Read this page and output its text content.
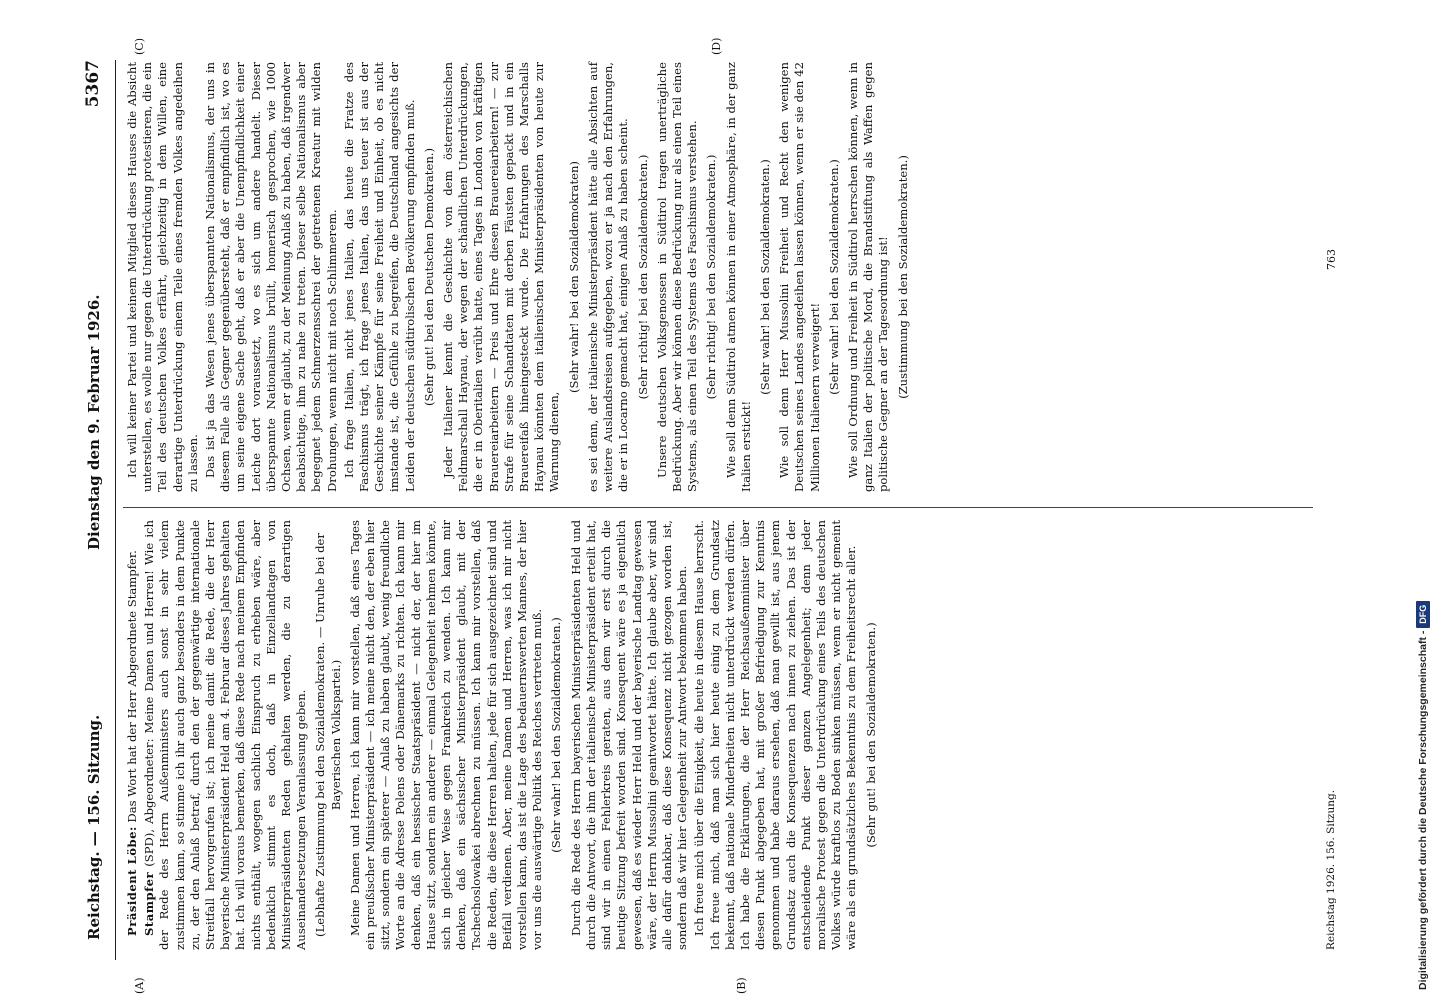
Reichstag. — 156. Sitzung.
Dienstag den 9. Februar 1926.
5367
(A)	(B)
(C)	(D)

Präsident Löbe: Das Wort hat der Herr Abgeordnete Stampfer.

Stampfer (SPD), Abgeordneter: Meine Damen und Herren! Wie ich der Rede des Herrn Außenministers auch sonst in sehr vielem zustimmen kann, so stimme ich ihr auch ganz besonders in dem Punkte zu, der den Anlaß betraf, durch den der gegenwärtige internationale Streitfall hervorgerufen ist; ich meine damit die Rede, die der Herr bayerische Ministerpräsident Held am 4. Februar dieses Jahres gehalten hat. Ich will voraus bemerken, daß diese Rede nach meinem Empfinden nichts enthält, wogegen sachlich Einspruch zu erheben wäre, aber bedenklich stimmt es doch, daß in Einzellandtagen von Ministerpräsidenten Reden gehalten werden, die zu derartigen Auseinandersetzungen Veranlassung geben. (Lebhafte Zustimmung bei den Sozialdemokraten. — Unruhe bei der Bayerischen Volkspartei.) Meine Damen und Herren, ich kann mir vorstellen, daß eines Tages ein preußischer Ministerpräsident — ich meine nicht den, der eben hier sitzt, sondern ein späterer — Anlaß zu haben glaubt, wenig freundliche Worte an die Adresse Polens oder Dänemarks zu richten. Ich kann mir denken, daß ein hessischer Staatspräsident — nicht der, der hier im Hause sitzt, sondern ein anderer — einmal Gelegenheit nehmen könnte, sich in gleicher Weise gegen Frankreich zu wenden. Ich kann mir denken, daß ein sächsischer Ministerpräsident glaubt, mit der Tschechoslowakei abrechnen zu müssen. Ich kann mir vorstellen, daß die Reden, die diese Herren halten, jede für sich ausgezeichnet sind und Beifall verdienen. Aber, meine Damen und Herren, was ich mir nicht vorstellen kann, das ist die Lage des bedauernswerten Mannes, der hier vor uns die auswärtige Politik des Reiches vertreten muß. (Sehr wahr! bei den Sozialdemokraten.) Durch die Rede des Herrn bayerischen Ministerpräsidenten Held und durch die Antwort, die ihm der italienische Ministerpräsident erteilt hat, sind wir in einen Fehlerkreis geraten, aus dem wir erst durch die heutige Sitzung befreit worden sind. Konsequent wäre es ja eigentlich gewesen, daß es wieder Herr Held und der bayerische Landtag gewesen wäre, der Herrn Mussolini geantwortet hätte. Ich glaube aber, wir sind alle dafür dankbar, daß diese Konsequenz nicht gezogen worden ist, sondern daß wir hier Gelegenheit zur Antwort bekommen haben. Ich freue mich über die Einigkeit, die heute in diesem Hause herrscht. Ich freue mich, daß man sich hier heute einig zu dem Grundsatz bekennt, daß nationale Minderheiten nicht unterdrückt werden dürfen. Ich habe die Erklärungen, die der Herr Reichsaußenminister über diesen Punkt abgegeben hat, mit großer Befriedigung zur Kenntnis genommen und habe daraus ersehen, daß man gewillt ist, aus jenem Grundsatz auch die Konsequenzen nach innen zu ziehen. Das ist der entscheidende Punkt dieser ganzen Angelegenheit; denn jeder moralische Protest gegen die Unterdrückung eines Teils des deutschen Volkes würde kraftlos zu Boden sinken müssen, wenn er nicht gemeint wäre als ein grundsätzliches Bekenntnis zu dem Freiheitsrecht aller. (Sehr gut! bei den Sozialdemokraten.)

Ich will keiner Partei und keinem Mitglied dieses Hauses die Absicht unterstellen, es wolle nur gegen die Unterdrückung protestieren, die ein Teil des deutschen Volkes erfährt, gleichzeitig in dem Willen, eine derartige Unterdrückung einem Teile eines fremden Volkes angedeihen zu lassen. Das ist ja das Wesen jenes überspannten Nationalismus, der uns in diesem Falle als Gegner gegenübersteht, daß er empfindlich ist, wo es um seine eigene Sache geht, daß er aber die Unempfindlichkeit einer Leiche dort voraussetzt, wo es sich um andere handelt. Dieser überspannte Nationalismus brüllt, homerisch gesprochen, wie 1000 Ochsen, wenn er glaubt, zu der Meinung Anlaß zu haben, daß irgendwer beabsichtige, ihm zu nahe zu treten. Dieser selbe Nationalismus aber begegnet jedem Schmerzensschrei der getretenen Kreatur mit wilden Drohungen, wenn nicht mit noch Schlimmerem. Ich frage Italien, nicht jenes Italien, das heute die Fratze des Faschismus trägt, ich frage jenes Italien, das uns teuer ist aus der Geschichte seiner Kämpfe für seine Freiheit und Einheit, ob es nicht imstande ist, die Gefühle zu begreifen, die Deutschland angesichts der Leiden der deutschen südtirolischen Bevölkerung empfinden muß. (Sehr gut! bei den Deutschen Demokraten.) Jeder Italiener kennt die Geschichte von dem österreichischen Feldmarschall Haynau, der wegen der schändlichen Unterdrückungen, die er in Oberitalien verübt hatte, eines Tages in London von kräftigen Brauereiarbeitern — Preis und Ehre diesen Brauereiarbeitern! — zur Strafe für seine Schandtaten mit derben Fäusten gepackt und in ein Brauereifaß hineingesteckt wurde. Die Erfahrungen des Marschalls Haynau könnten dem italienischen Ministerpräsidenten von heute zur Warnung dienen,

(Sehr wahr! bei den Sozialdemokraten) es sei denn, der italienische Ministerpräsident hätte alle Absichten auf weitere Auslandsreisen aufgegeben, wozu er ja nach den Erfahrungen, die er in Locarno gemacht hat, einigen Anlaß zu haben scheint. (Sehr richtig! bei den Sozialdemokraten.) Unsere deutschen Volksgenossen in Südtirol tragen unerträgliche Bedrückung. Aber wir können diese Bedrückung nur als einen Teil eines Systems, als einen Teil des Systems des Faschismus verstehen. (Sehr richtig! bei den Sozialdemokraten.) Wie soll denn Südtirol atmen können in einer Atmosphäre, in der ganz Italien erstickt!

(Sehr wahr! bei den Sozialdemokraten.) Wie soll denn Herr Mussolini Freiheit und Recht den wenigen Deutschen seines Landes angedeihen lassen können, wenn er sie den 42 Millionen Italienern verweigert!

(Sehr wahr! bei den Sozialdemokraten.) Wie soll Ordnung und Freiheit in Südtirol herrschen können, wenn in ganz Italien der politische Mord, die Brandstiftung als Waffen gegen politische Gegner an der Tagesordnung ist! (Zustimmung bei den Sozialdemokraten.)

Reichstag 1926. 156. Sitzung.
763
Digitalisierung gefördert durch die Deutsche Forschungsgemeinschaft - DFG
